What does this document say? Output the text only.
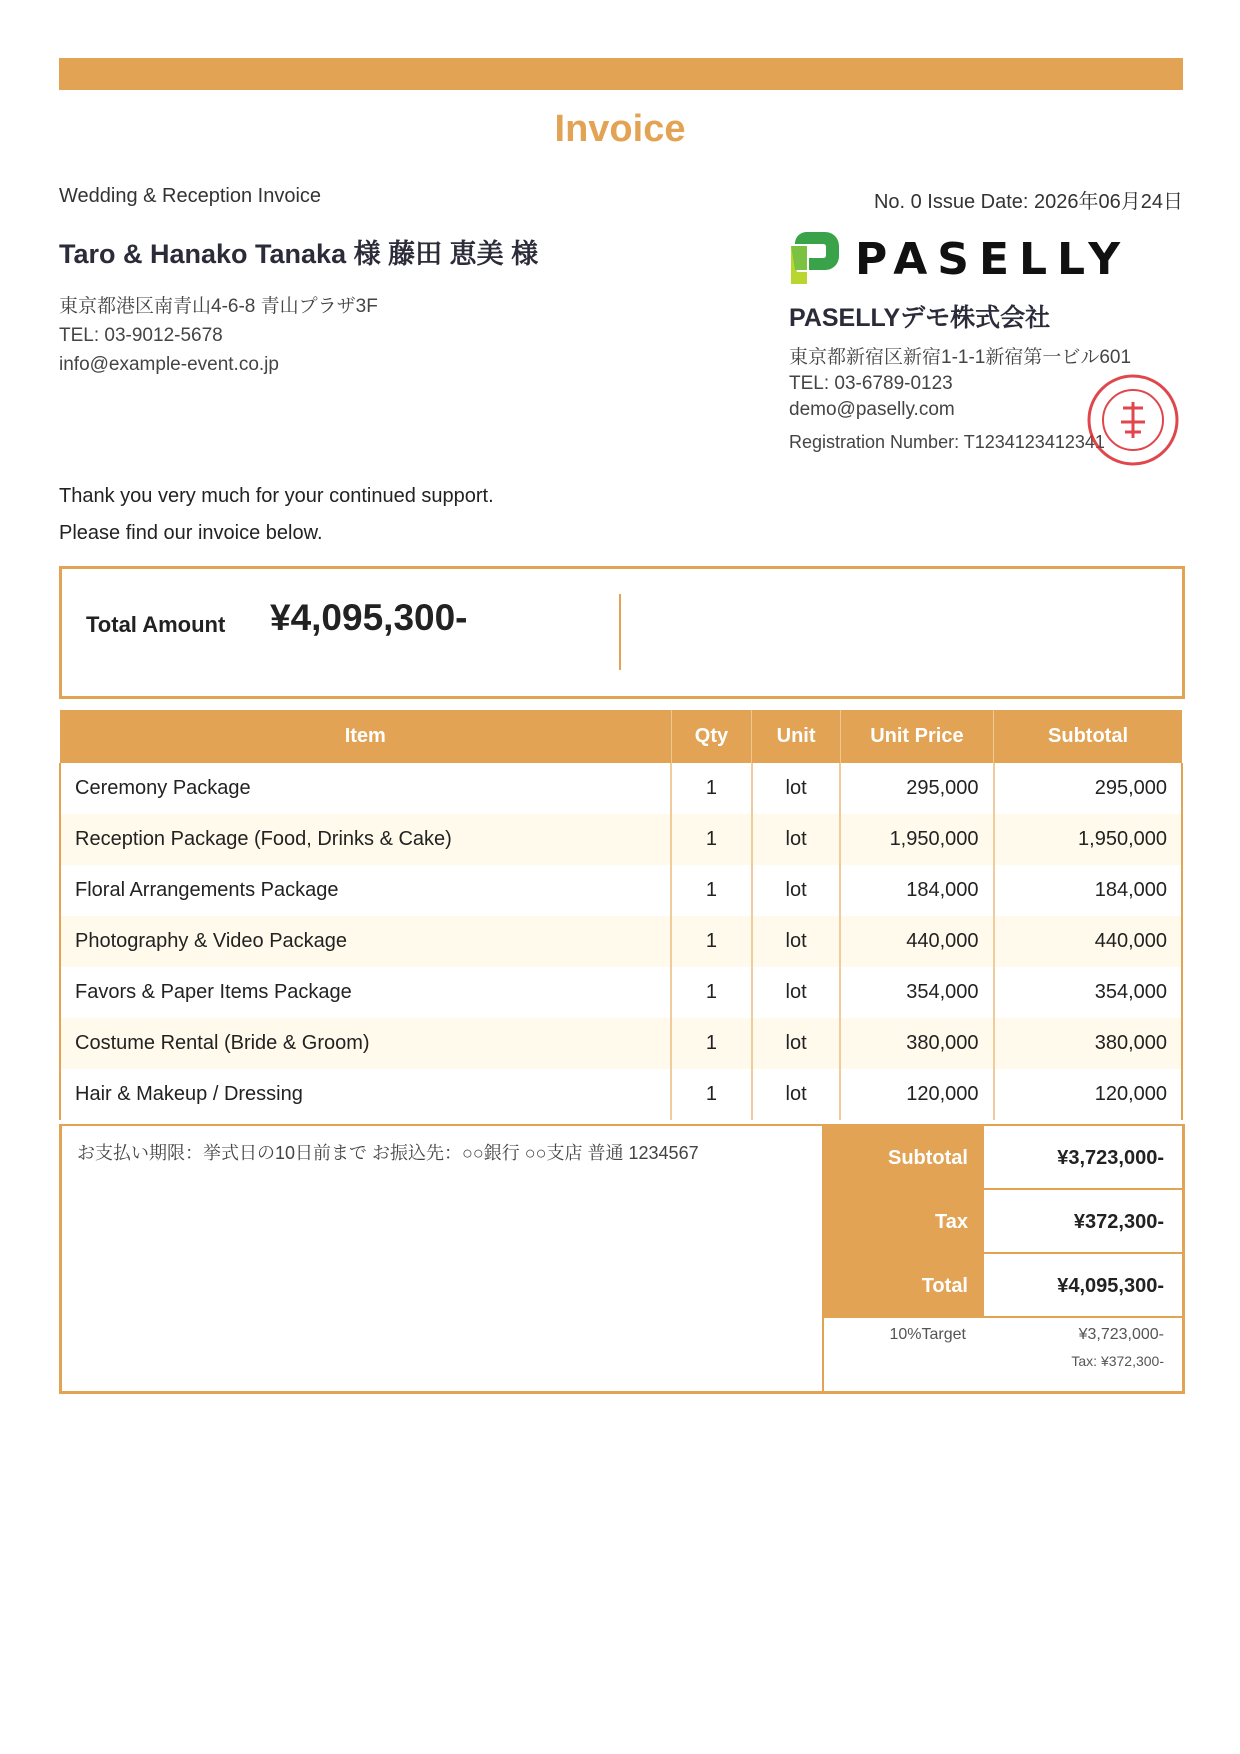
Invoice
Wedding & Reception Invoice	No. 0 Issue Date: 2026年06月24日
Taro & Hanako Tanaka 様 藤田 恵美 様
東京都港区南青山4-6-8 青山プラザ3F
TEL: 03-9012-5678
info@example-event.co.jp
PASELLY
PASELLYデモ株式会社
東京都新宿区新宿1-1-1新宿第一ビル601
TEL: 03-6789-0123
demo@paselly.com
Registration Number: T1234123412341
Thank you very much for your continued support.
Please find our invoice below.
Total Amount ¥4,095,300-
Item	Qty	Unit	Unit Price	Subtotal
Ceremony Package	1	lot	295,000	295,000
Reception Package (Food, Drinks & Cake)	1	lot	1,950,000	1,950,000
Floral Arrangements Package	1	lot	184,000	184,000
Photography & Video Package	1	lot	440,000	440,000
Favors & Paper Items Package	1	lot	354,000	354,000
Costume Rental (Bride & Groom)	1	lot	380,000	380,000
Hair & Makeup / Dressing	1	lot	120,000	120,000
お支払い期限：挙式日の10日前まで お振込先：○○銀行 ○○支店 普通 1234567	Subtotal	¥3,723,000-
Tax	¥372,300-
Total	¥4,095,300-
10%Target	¥3,723,000-
Tax: ¥372,300-
